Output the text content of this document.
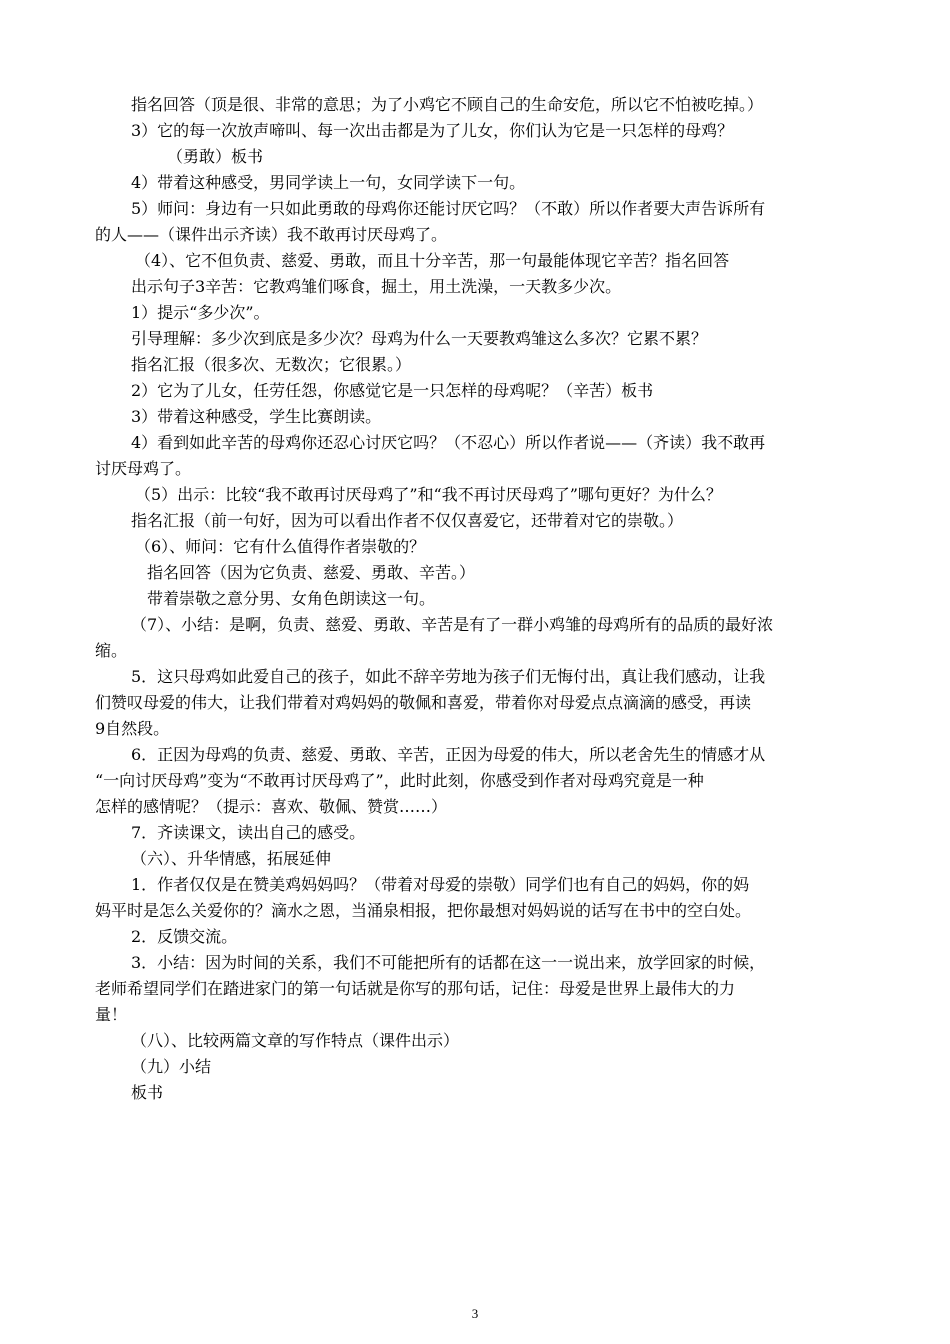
指名回答（顶是很、非常的意思；为了小鸡它不顾自己的生命安危，所以它不怕被吃掉。）
3）它的每一次放声啼叫、每一次出击都是为了儿女，你们认为它是一只怎样的母鸡？
（勇敢）板书
4）带着这种感受，男同学读上一句，女同学读下一句。
5）师问：身边有一只如此勇敢的母鸡你还能讨厌它吗？（不敢）所以作者要大声告诉所有
的人——（课件出示齐读）我不敢再讨厌母鸡了。
（4）、它不但负责、慈爱、勇敢，而且十分辛苦，那一句最能体现它辛苦？指名回答
出示句子3辛苦：它教鸡雏们啄食，掘土，用土洗澡，一天教多少次。
1）提示“多少次”。
引导理解：多少次到底是多少次？母鸡为什么一天要教鸡雏这么多次？它累不累？
指名汇报（很多次、无数次；它很累。）
2）它为了儿女，任劳任怨，你感觉它是一只怎样的母鸡呢？（辛苦）板书
3）带着这种感受，学生比赛朗读。
4）看到如此辛苦的母鸡你还忍心讨厌它吗？（不忍心）所以作者说——（齐读）我不敢再
讨厌母鸡了。
（5）出示：比较“我不敢再讨厌母鸡了”和“我不再讨厌母鸡了”哪句更好？为什么？
指名汇报（前一句好，因为可以看出作者不仅仅喜爱它，还带着对它的崇敬。）
（6）、师问：它有什么值得作者崇敬的？
指名回答（因为它负责、慈爱、勇敢、辛苦。）
带着崇敬之意分男、女角色朗读这一句。
（7）、小结：是啊，负责、慈爱、勇敢、辛苦是有了一群小鸡雏的母鸡所有的品质的最好浓
缩。
5．这只母鸡如此爱自己的孩子，如此不辞辛劳地为孩子们无悔付出，真让我们感动，让我
们赞叹母爱的伟大，让我们带着对鸡妈妈的敬佩和喜爱，带着你对母爱点点滴滴的感受，再读
9自然段。
6．正因为母鸡的负责、慈爱、勇敢、辛苦，正因为母爱的伟大，所以老舍先生的情感才从
“一向讨厌母鸡”变为“不敢再讨厌母鸡了”，此时此刻，你感受到作者对母鸡究竟是一种
怎样的感情呢？（提示：喜欢、敬佩、赞赏……）
7．齐读课文，读出自己的感受。
（六）、升华情感，拓展延伸
1．作者仅仅是在赞美鸡妈妈吗？（带着对母爱的崇敬）同学们也有自己的妈妈，你的妈
妈平时是怎么关爱你的？滴水之恩，当涌泉相报，把你最想对妈妈说的话写在书中的空白处。
2．反馈交流。
3．小结：因为时间的关系，我们不可能把所有的话都在这一一说出来，放学回家的时候，
老师希望同学们在踏进家门的第一句话就是你写的那句话，记住：母爱是世界上最伟大的力
量！
（八）、比较两篇文章的写作特点（课件出示）
（九）小结
板书
3
